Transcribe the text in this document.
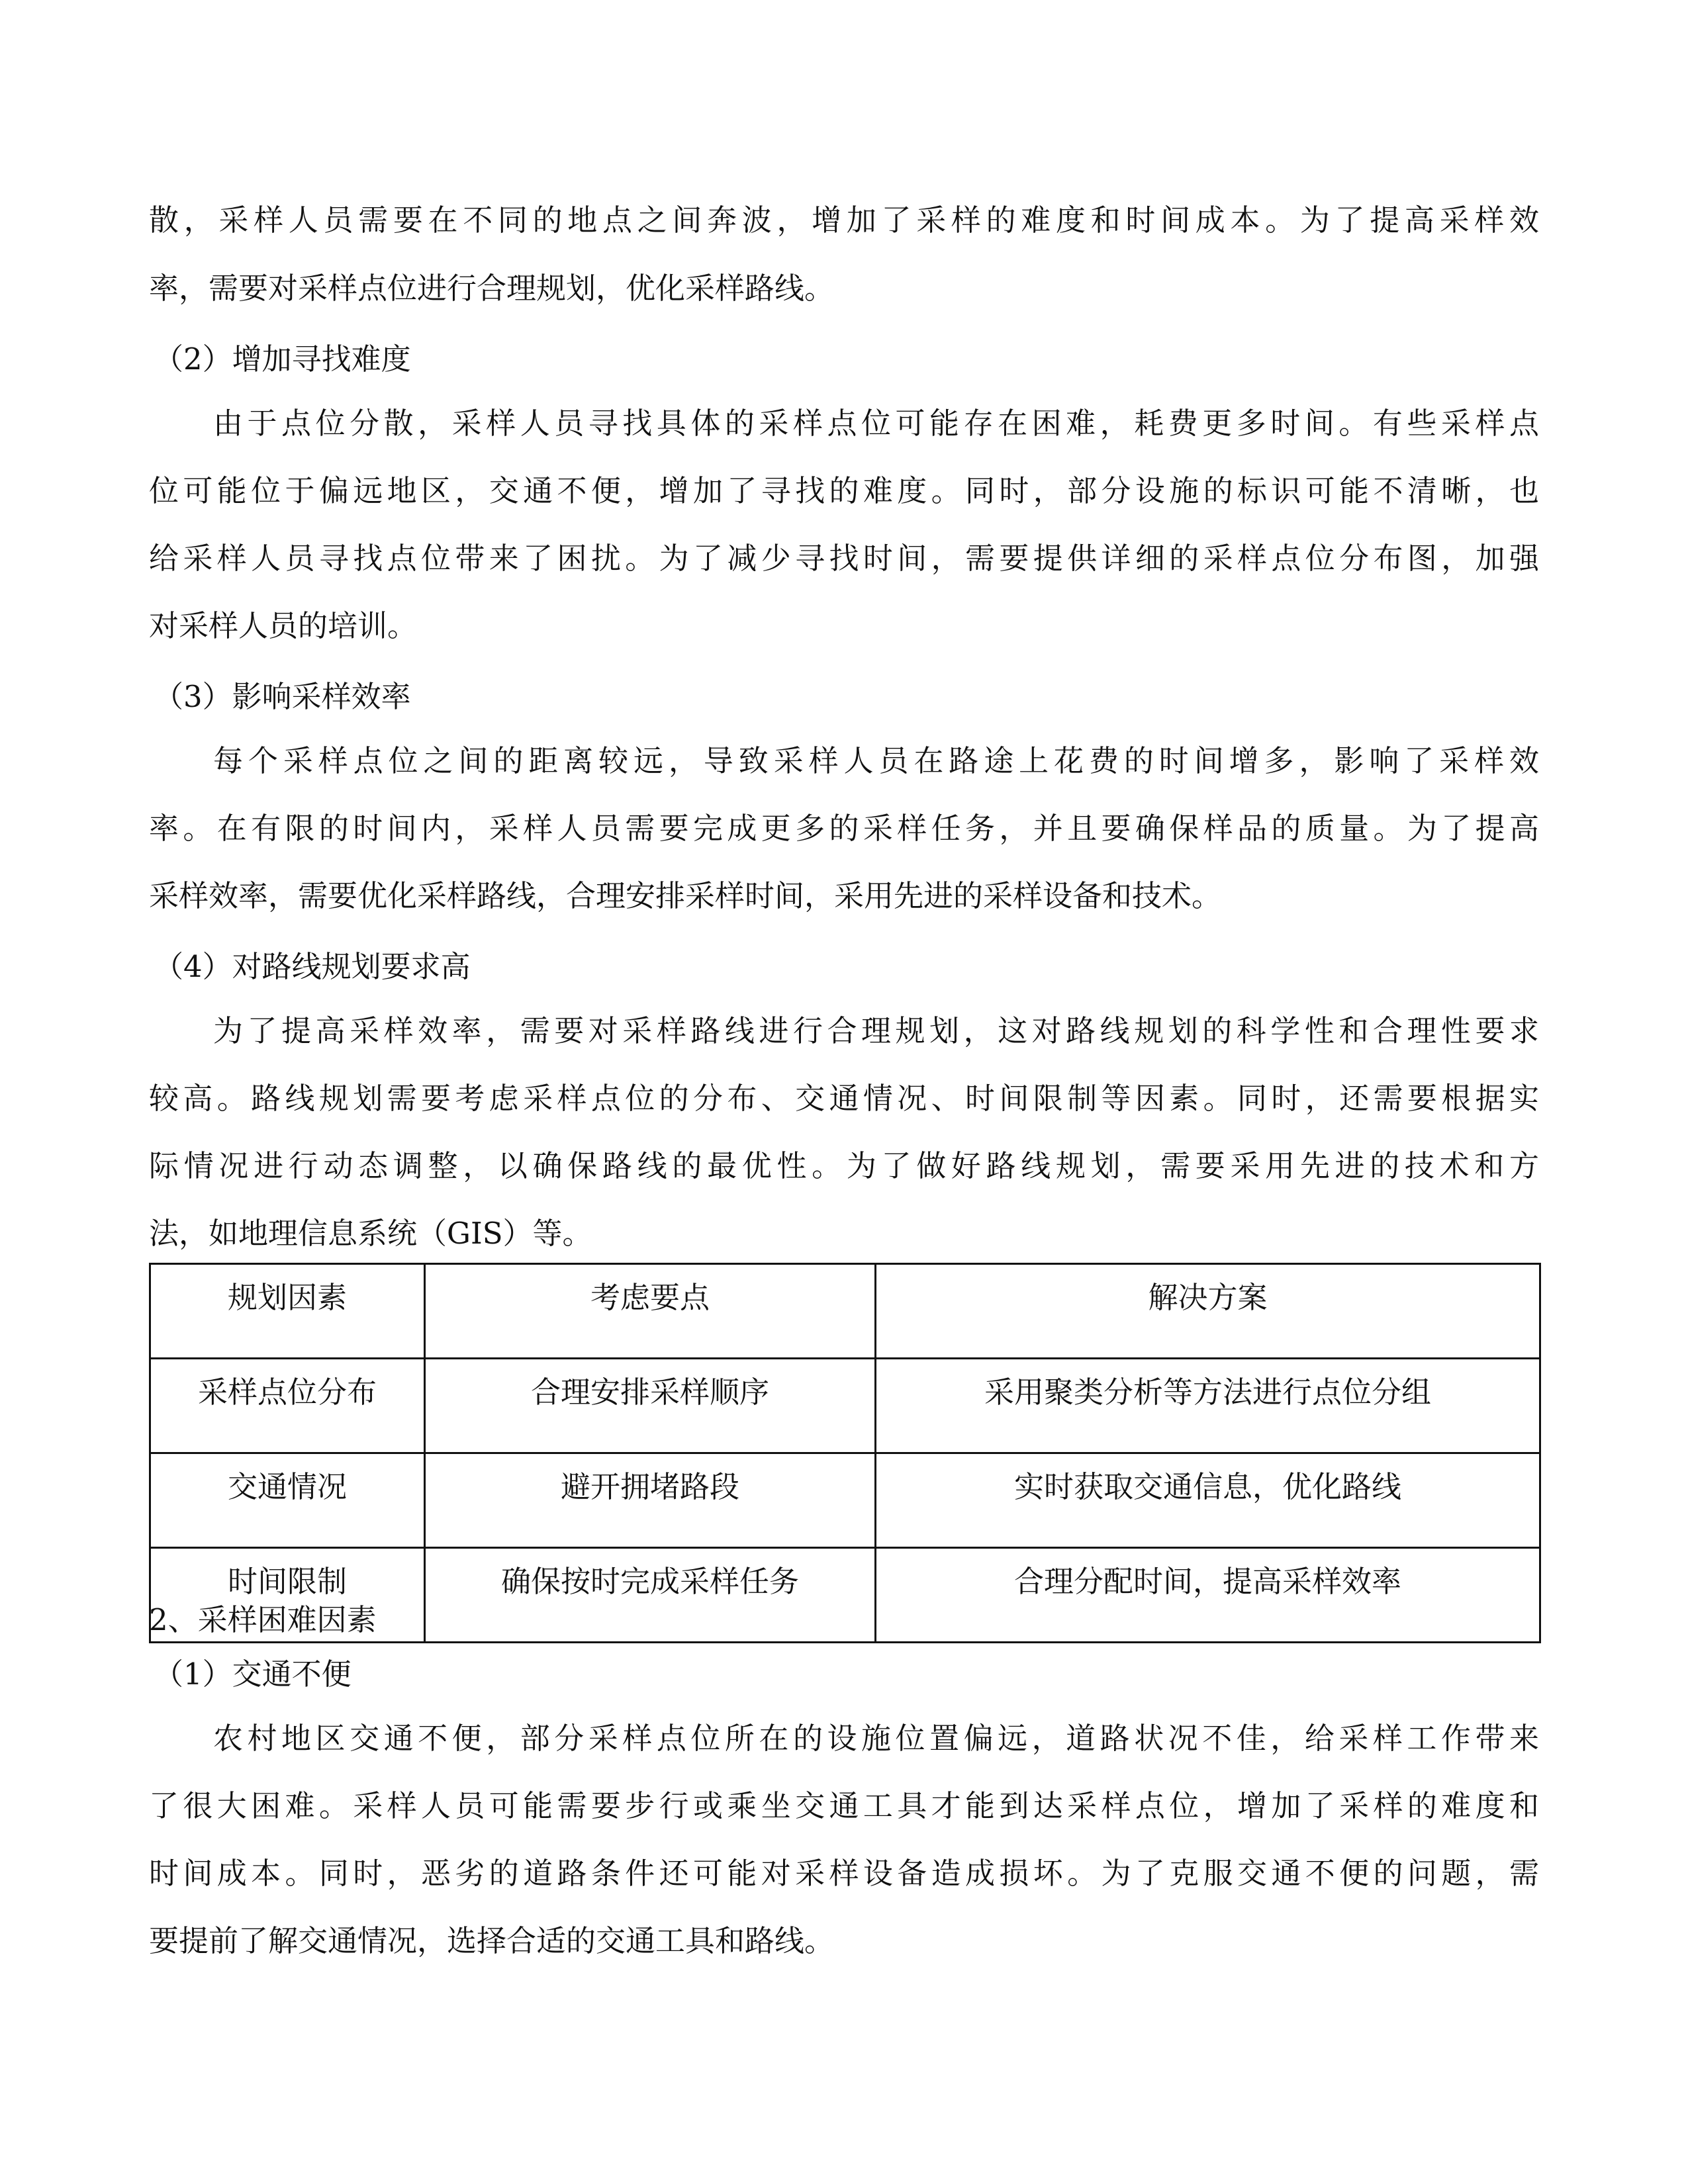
散，采样人员需要在不同的地点之间奔波，增加了采样的难度和时间成本。为了提高采样效
率，需要对采样点位进行合理规划，优化采样路线。
（2）增加寻找难度
由于点位分散，采样人员寻找具体的采样点位可能存在困难，耗费更多时间。有些采样点
位可能位于偏远地区，交通不便，增加了寻找的难度。同时，部分设施的标识可能不清晰，也
给采样人员寻找点位带来了困扰。为了减少寻找时间，需要提供详细的采样点位分布图，加强
对采样人员的培训。
（3）影响采样效率
每个采样点位之间的距离较远，导致采样人员在路途上花费的时间增多，影响了采样效
率。在有限的时间内，采样人员需要完成更多的采样任务，并且要确保样品的质量。为了提高
采样效率，需要优化采样路线，合理安排采样时间，采用先进的采样设备和技术。
（4）对路线规划要求高
为了提高采样效率，需要对采样路线进行合理规划，这对路线规划的科学性和合理性要求
较高。路线规划需要考虑采样点位的分布、交通情况、时间限制等因素。同时，还需要根据实
际情况进行动态调整，以确保路线的最优性。为了做好路线规划，需要采用先进的技术和方
法，如地理信息系统（GIS）等。
规划因素	考虑要点	解决方案
采样点位分布	合理安排采样顺序	采用聚类分析等方法进行点位分组
交通情况	避开拥堵路段	实时获取交通信息，优化路线
时间限制	确保按时完成采样任务	合理分配时间，提高采样效率
2、采样困难因素
（1）交通不便
农村地区交通不便，部分采样点位所在的设施位置偏远，道路状况不佳，给采样工作带来
了很大困难。采样人员可能需要步行或乘坐交通工具才能到达采样点位，增加了采样的难度和
时间成本。同时，恶劣的道路条件还可能对采样设备造成损坏。为了克服交通不便的问题，需
要提前了解交通情况，选择合适的交通工具和路线。
